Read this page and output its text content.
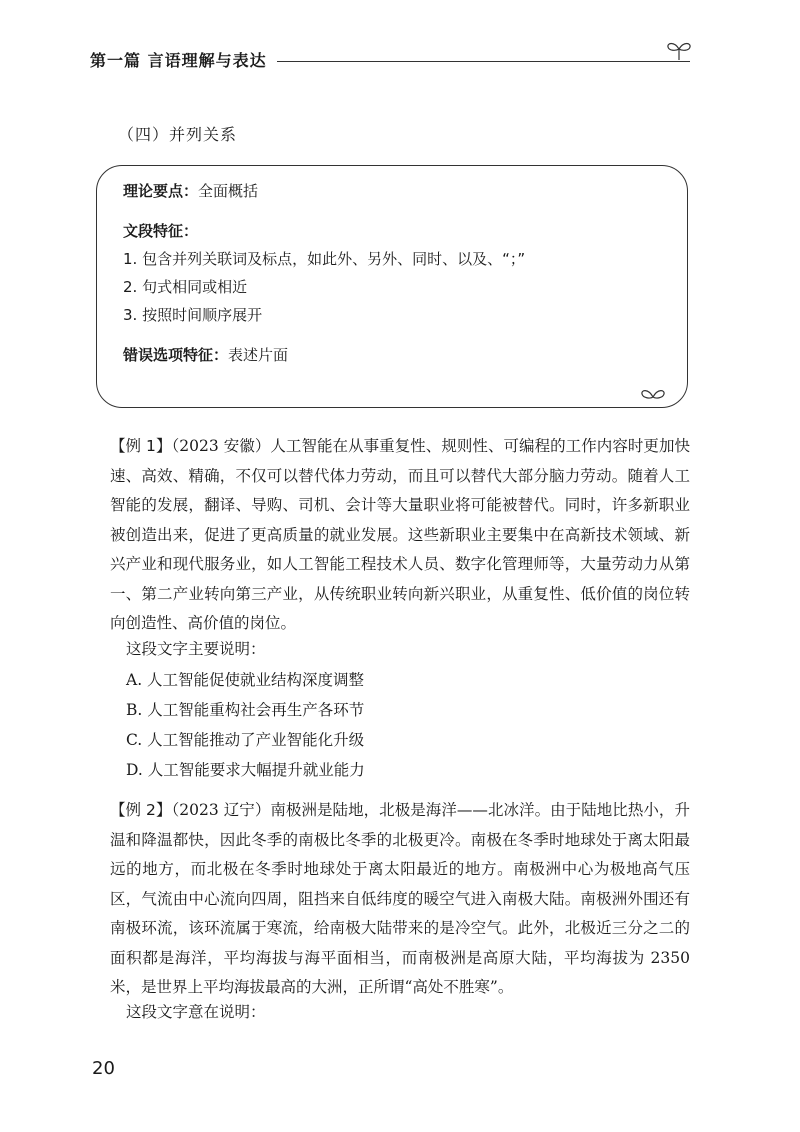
第一篇 言语理解与表达
（四）并列关系
理论要点：全面概括
文段特征：
1. 包含并列关联词及标点，如此外、另外、同时、以及、“；”
2. 句式相同或相近
3. 按照时间顺序展开
错误选项特征：表述片面

【例 1】（2023 安徽）人工智能在从事重复性、规则性、可编程的工作内容时更加快速、高效、精确，不仅可以替代体力劳动，而且可以替代大部分脑力劳动。随着人工智能的发展，翻译、导购、司机、会计等大量职业将可能被替代。同时，许多新职业被创造出来，促进了更高质量的就业发展。这些新职业主要集中在高新技术领域、新兴产业和现代服务业，如人工智能工程技术人员、数字化管理师等，大量劳动力从第一、第二产业转向第三产业，从传统职业转向新兴职业，从重复性、低价值的岗位转向创造性、高价值的岗位。

这段文字主要说明：
A. 人工智能促使就业结构深度调整
B. 人工智能重构社会再生产各环节
C. 人工智能推动了产业智能化升级
D. 人工智能要求大幅提升就业能力

【例 2】（2023 辽宁）南极洲是陆地，北极是海洋——北冰洋。由于陆地比热小，升温和降温都快，因此冬季的南极比冬季的北极更冷。南极在冬季时地球处于离太阳最远的地方，而北极在冬季时地球处于离太阳最近的地方。南极洲中心为极地高气压区，气流由中心流向四周，阻挡来自低纬度的暖空气进入南极大陆。南极洲外围还有南极环流，该环流属于寒流，给南极大陆带来的是冷空气。此外，北极近三分之二的面积都是海洋，平均海拔与海平面相当，而南极洲是高原大陆，平均海拔为 2350 米，是世界上平均海拔最高的大洲，正所谓“高处不胜寒”。

这段文字意在说明：
20
